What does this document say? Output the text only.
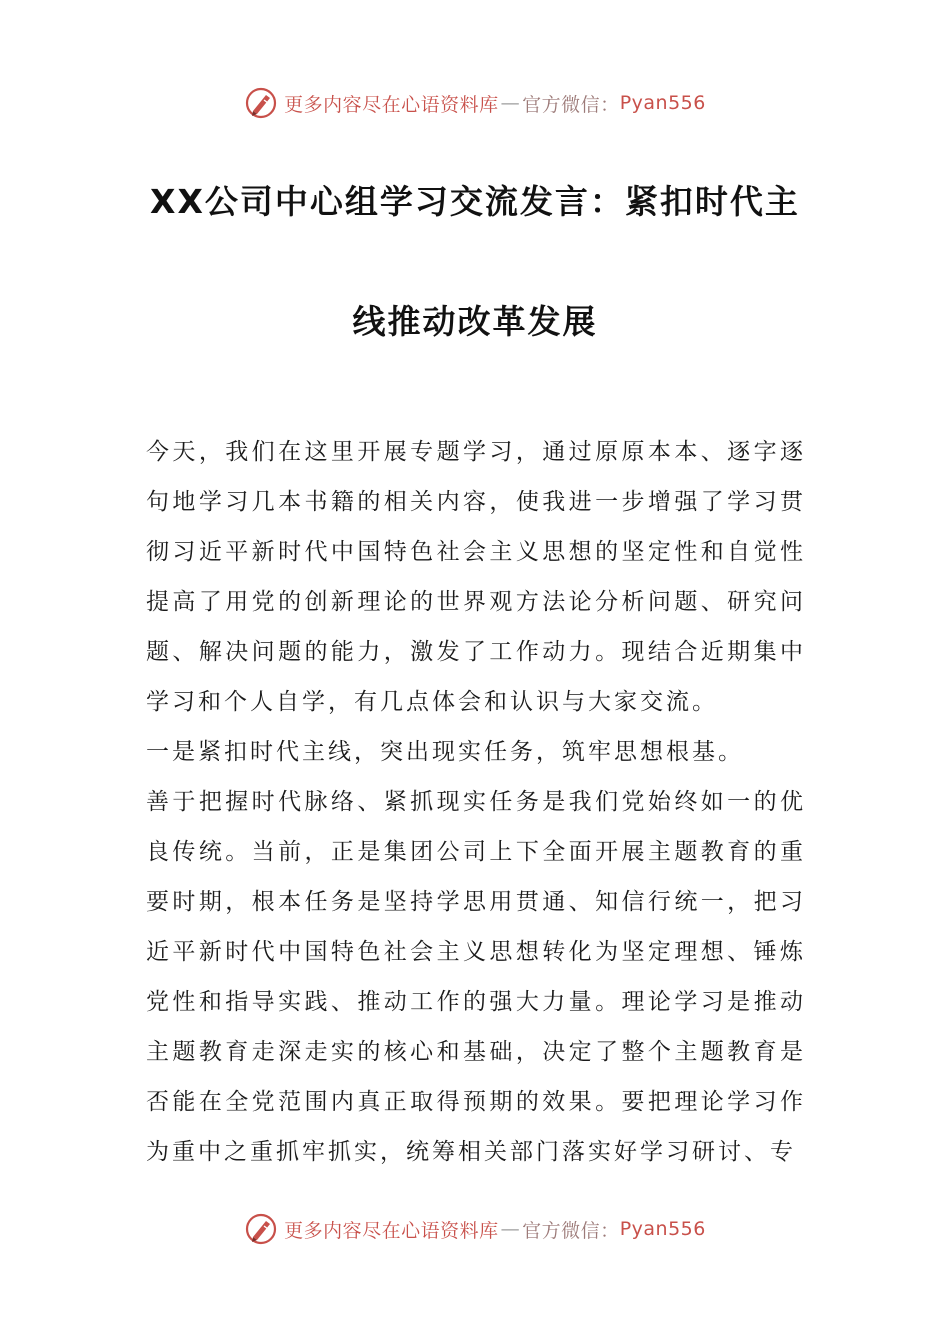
更多内容尽在心语资料库 — 官方微信： Pyan556
XX公司中心组学习交流发言：紧扣时代主
线推动改革发展

今天，我们在这里开展专题学习，通过原原本本、逐字逐句地学习几本书籍的相关内容，使我进一步增强了学习贯彻习近平新时代中国特色社会主义思想的坚定性和自觉性提高了用党的创新理论的世界观方法论分析问题、研究问题、解决问题的能力，激发了工作动力。现结合近期集中学习和个人自学，有几点体会和认识与大家交流。

一是紧扣时代主线，突出现实任务，筑牢思想根基。

善于把握时代脉络、紧抓现实任务是我们党始终如一的优良传统。当前，正是集团公司上下全面开展主题教育的重要时期，根本任务是坚持学思用贯通、知信行统一，把习近平新时代中国特色社会主义思想转化为坚定理想、锤炼党性和指导实践、推动工作的强大力量。理论学习是推动主题教育走深走实的核心和基础，决定了整个主题教育是否能在全党范围内真正取得预期的效果。要把理论学习作为重中之重抓牢抓实，统筹相关部门落实好学习研讨、专

更多内容尽在心语资料库 — 官方微信： Pyan556
